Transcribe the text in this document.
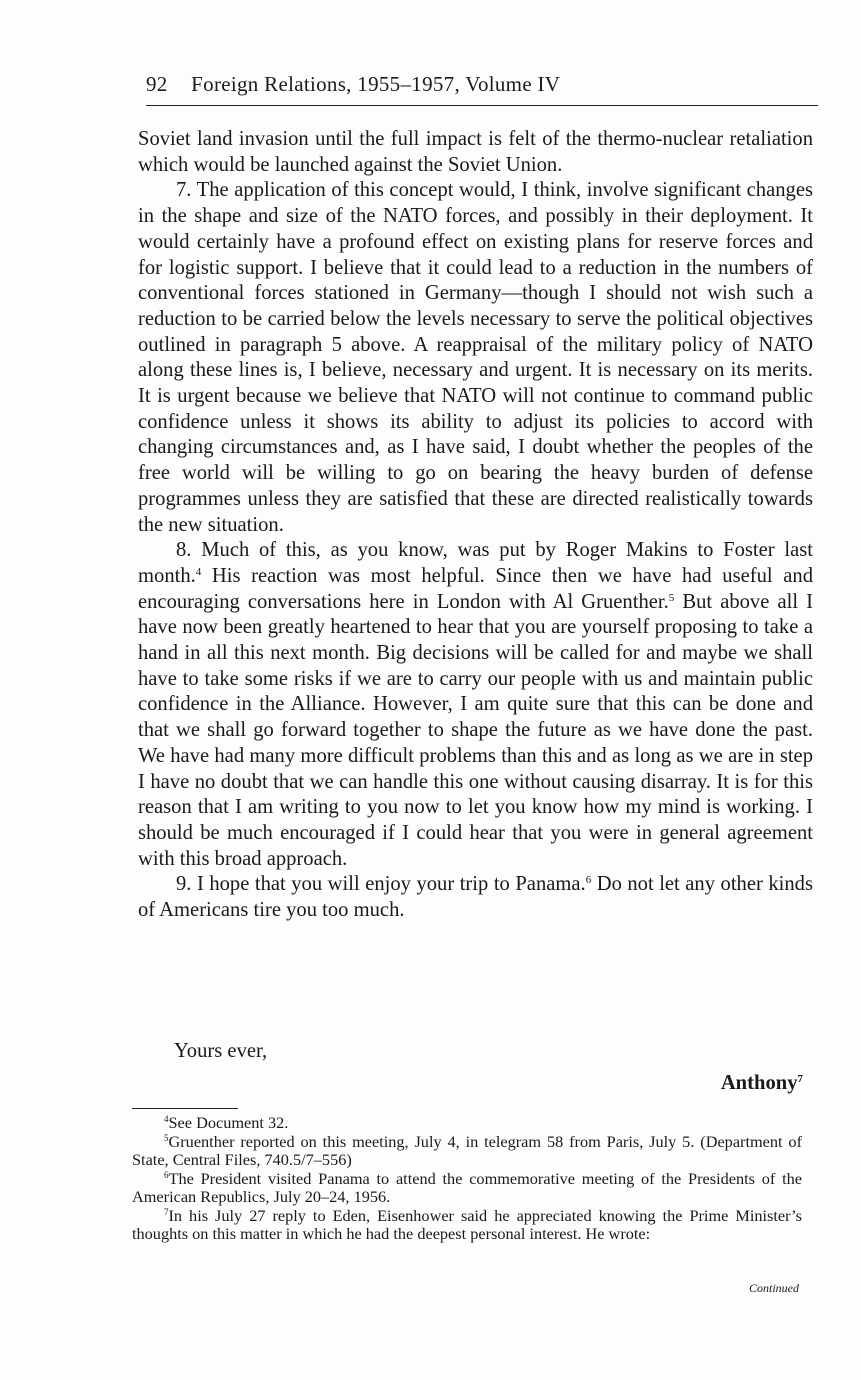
92 Foreign Relations, 1955–1957, Volume IV

Soviet land invasion until the full impact is felt of the thermo-nuclear retaliation which would be launched against the Soviet Union.

7. The application of this concept would, I think, involve significant changes in the shape and size of the NATO forces, and possibly in their deployment. It would certainly have a profound effect on existing plans for reserve forces and for logistic support. I believe that it could lead to a reduction in the numbers of conventional forces stationed in Germany—though I should not wish such a reduction to be carried below the levels necessary to serve the political objectives outlined in paragraph 5 above. A reappraisal of the military policy of NATO along these lines is, I believe, necessary and urgent. It is necessary on its merits. It is urgent because we believe that NATO will not continue to command public confidence unless it shows its ability to adjust its policies to accord with changing circumstances and, as I have said, I doubt whether the peoples of the free world will be willing to go on bearing the heavy burden of defense programmes unless they are satisfied that these are directed realistically towards the new situation.

8. Much of this, as you know, was put by Roger Makins to Foster last month.$^4$ His reaction was most helpful. Since then we have had useful and encouraging conversations here in London with Al Gruenther.$^5$ But above all I have now been greatly heartened to hear that you are yourself proposing to take a hand in all this next month. Big decisions will be called for and maybe we shall have to take some risks if we are to carry our people with us and maintain public confidence in the Alliance. However, I am quite sure that this can be done and that we shall go forward together to shape the future as we have done the past. We have had many more difficult problems than this and as long as we are in step I have no doubt that we can handle this one without causing disarray. It is for this reason that I am writing to you now to let you know how my mind is working. I should be much encouraged if I could hear that you were in general agreement with this broad approach.

9. I hope that you will enjoy your trip to Panama.$^6$ Do not let any other kinds of Americans tire you too much.

Yours ever,
Anthony$^7$

$^4$See Document 32.

$^5$Gruenther reported on this meeting, July 4, in telegram 58 from Paris, July 5. (Department of State, Central Files, 740.5/7–556)

$^6$The President visited Panama to attend the commemorative meeting of the Presidents of the American Republics, July 20–24, 1956.

$^7$In his July 27 reply to Eden, Eisenhower said he appreciated knowing the Prime Minister’s thoughts on this matter in which he had the deepest personal interest. He wrote:

Continued
